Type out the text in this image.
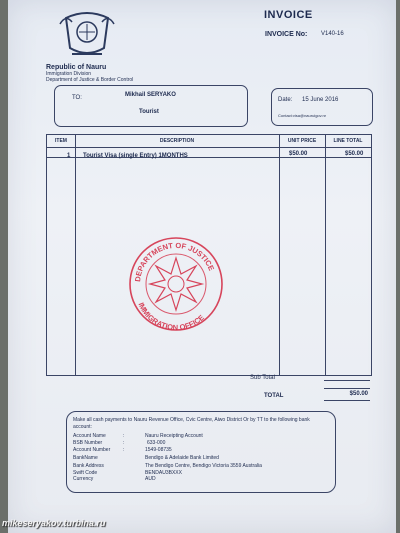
INVOICE
INVOICE No: V140-16
Republic of Nauru
Immigration Division
Department of Justice & Border Control
TO:	Mikhail SERYAKO
Tourist
Date: 15 June 2016
Contact:visa@nauruigov.nr
ITEM	DESCRIPTION	UNIT PRICE	LINE TOTAL
1 Tourist Visa (single Entry) 1MONTHS	$50.00	$50.00
DEPARTMENT OF JUSTICE
IMMIGRATION OFFICE
Sub Total
TOTAL	$50.00
Make all cash payments to Nauru Revenue Office, Cvic Centre, Aiwo District Or by TT to the following bank account:
Account Name	:	Nauru Receipting Account
BSB Number	:	633-000
Account Number	:	1549-08735
BankName	Bendigo & Adelaide Bank Limited
Bank Address	The Bendigo Centre, Bendigo Victoria 3559 Australia
Swift Code	BENDAU3BXXX
Currency	AUD
mikeseryakov.turbina.ru
